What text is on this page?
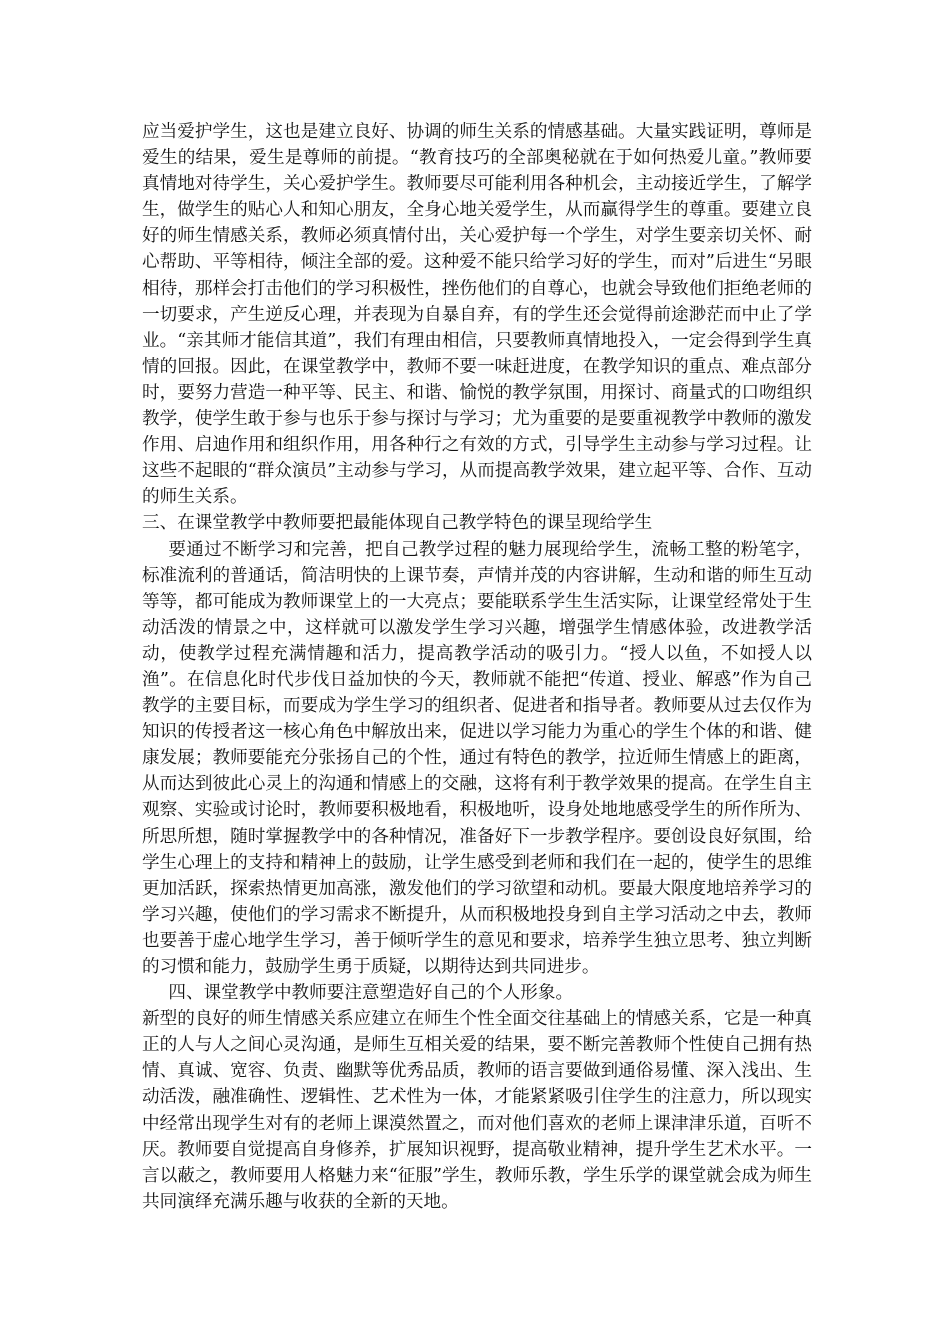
应当爱护学生，这也是建立良好、协调的师生关系的情感基础。大量实践证明，尊师是爱生的结果，爱生是尊师的前提。“教育技巧的全部奥秘就在于如何热爱儿童。”教师要真情地对待学生，关心爱护学生。教师要尽可能利用各种机会，主动接近学生，了解学生，做学生的贴心人和知心朋友，全身心地关爱学生，从而赢得学生的尊重。要建立良好的师生情感关系，教师必须真情付出，关心爱护每一个学生，对学生要亲切关怀、耐心帮助、平等相待，倾注全部的爱。这种爱不能只给学习好的学生，而对”后进生“另眼相待，那样会打击他们的学习积极性，挫伤他们的自尊心，也就会导致他们拒绝老师的一切要求，产生逆反心理，并表现为自暴自弃，有的学生还会觉得前途渺茫而中止了学业。“亲其师才能信其道”，我们有理由相信，只要教师真情地投入，一定会得到学生真情的回报。因此，在课堂教学中，教师不要一味赶进度，在教学知识的重点、难点部分时，要努力营造一种平等、民主、和谐、愉悦的教学氛围，用探讨、商量式的口吻组织教学，使学生敢于参与也乐于参与探讨与学习；尤为重要的是要重视教学中教师的激发作用、启迪作用和组织作用，用各种行之有效的方式，引导学生主动参与学习过程。让这些不起眼的“群众演员”主动参与学习，从而提高教学效果，建立起平等、合作、互动的师生关系。

三、在课堂教学中教师要把最能体现自己教学特色的课呈现给学生

要通过不断学习和完善，把自己教学过程的魅力展现给学生，流畅工整的粉笔字，标准流利的普通话，简洁明快的上课节奏，声情并茂的内容讲解，生动和谐的师生互动等等，都可能成为教师课堂上的一大亮点；要能联系学生生活实际，让课堂经常处于生动活泼的情景之中，这样就可以激发学生学习兴趣，增强学生情感体验，改进教学活动，使教学过程充满情趣和活力，提高教学活动的吸引力。“授人以鱼，不如授人以渔”。在信息化时代步伐日益加快的今天，教师就不能把“传道、授业、解惑”作为自己教学的主要目标，而要成为学生学习的组织者、促进者和指导者。教师要从过去仅作为知识的传授者这一核心角色中解放出来，促进以学习能力为重心的学生个体的和谐、健康发展；教师要能充分张扬自己的个性，通过有特色的教学，拉近师生情感上的距离，从而达到彼此心灵上的沟通和情感上的交融，这将有利于教学效果的提高。在学生自主观察、实验或讨论时，教师要积极地看，积极地听，设身处地地感受学生的所作所为、所思所想，随时掌握教学中的各种情况，准备好下一步教学程序。要创设良好氛围，给学生心理上的支持和精神上的鼓励，让学生感受到老师和我们在一起的，使学生的思维更加活跃，探索热情更加高涨，激发他们的学习欲望和动机。要最大限度地培养学习的学习兴趣，使他们的学习需求不断提升，从而积极地投身到自主学习活动之中去，教师也要善于虚心地学生学习，善于倾听学生的意见和要求，培养学生独立思考、独立判断的习惯和能力，鼓励学生勇于质疑，以期待达到共同进步。

四、课堂教学中教师要注意塑造好自己的个人形象。

新型的良好的师生情感关系应建立在师生个性全面交往基础上的情感关系，它是一种真正的人与人之间心灵沟通，是师生互相关爱的结果，要不断完善教师个性使自己拥有热情、真诚、宽容、负责、幽默等优秀品质，教师的语言要做到通俗易懂、深入浅出、生动活泼，融准确性、逻辑性、艺术性为一体，才能紧紧吸引住学生的注意力，所以现实中经常出现学生对有的老师上课漠然置之，而对他们喜欢的老师上课津津乐道，百听不厌。教师要自觉提高自身修养，扩展知识视野，提高敬业精神，提升学生艺术水平。一言以蔽之，教师要用人格魅力来“征服”学生，教师乐教，学生乐学的课堂就会成为师生共同演绎充满乐趣与收获的全新的天地。
